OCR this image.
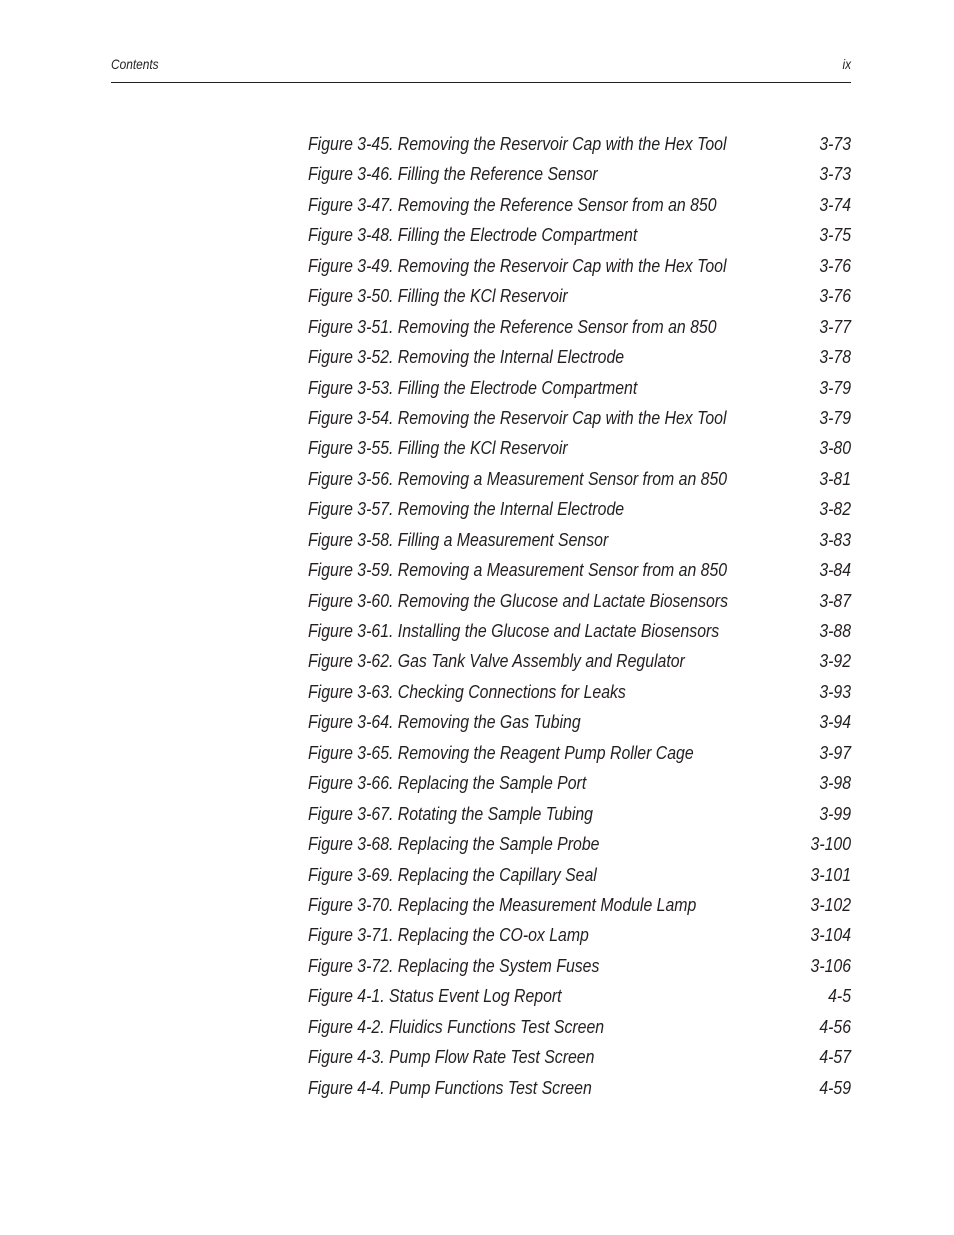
Contents	ix
Figure 3-45. Removing the Reservoir Cap with the Hex Tool	3-73
Figure 3-46. Filling the Reference Sensor	3-73
Figure 3-47. Removing the Reference Sensor from an 850	3-74
Figure 3-48. Filling the Electrode Compartment	3-75
Figure 3-49. Removing the Reservoir Cap with the Hex Tool	3-76
Figure 3-50. Filling the KCl Reservoir	3-76
Figure 3-51. Removing the Reference Sensor from an 850	3-77
Figure 3-52. Removing the Internal Electrode	3-78
Figure 3-53. Filling the Electrode Compartment	3-79
Figure 3-54. Removing the Reservoir Cap with the Hex Tool	3-79
Figure 3-55. Filling the KCl Reservoir	3-80
Figure 3-56. Removing a Measurement Sensor from an 850	3-81
Figure 3-57. Removing the Internal Electrode	3-82
Figure 3-58. Filling a Measurement Sensor	3-83
Figure 3-59. Removing a Measurement Sensor from an 850	3-84
Figure 3-60. Removing the Glucose and Lactate Biosensors	3-87
Figure 3-61. Installing the Glucose and Lactate Biosensors	3-88
Figure 3-62. Gas Tank Valve Assembly and Regulator	3-92
Figure 3-63. Checking Connections for Leaks	3-93
Figure 3-64. Removing the Gas Tubing	3-94
Figure 3-65. Removing the Reagent Pump Roller Cage	3-97
Figure 3-66. Replacing the Sample Port	3-98
Figure 3-67. Rotating the Sample Tubing	3-99
Figure 3-68. Replacing the Sample Probe	3-100
Figure 3-69. Replacing the Capillary Seal	3-101
Figure 3-70. Replacing the Measurement Module Lamp	3-102
Figure 3-71. Replacing the CO-ox Lamp	3-104
Figure 3-72. Replacing the System Fuses	3-106
Figure 4-1. Status Event Log Report	4-5
Figure 4-2. Fluidics Functions Test Screen	4-56
Figure 4-3. Pump Flow Rate Test Screen	4-57
Figure 4-4. Pump Functions Test Screen	4-59
